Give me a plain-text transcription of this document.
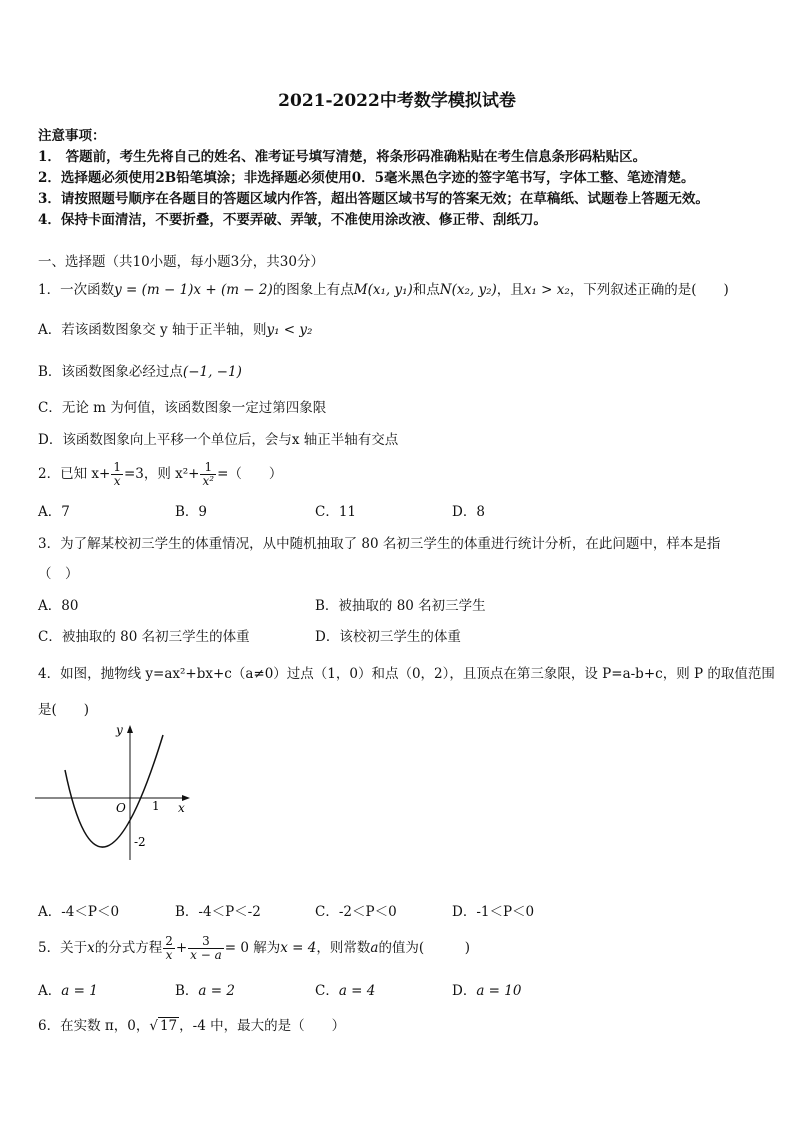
2021-2022中考数学模拟试卷
注意事项：
1． 答题前，考生先将自己的姓名、准考证号填写清楚，将条形码准确粘贴在考生信息条形码粘贴区。
2．选择题必须使用2B铅笔填涂；非选择题必须使用0．5毫米黑色字迹的签字笔书写，字体工整、笔迹清楚。
3．请按照题号顺序在各题目的答题区域内作答，超出答题区域书写的答案无效；在草稿纸、试题卷上答题无效。
4．保持卡面清洁，不要折叠，不要弄破、弄皱，不准使用涂改液、修正带、刮纸刀。
一、选择题（共10小题，每小题3分，共30分）
1．一次函数y = (m − 1)x + (m − 2)的图象上有点M(x₁, y₁)和点N(x₂, y₂)，且x₁ > x₂，下列叙述正确的是(　　)
A．若该函数图象交 y 轴于正半轴，则y₁ < y₂
B．该函数图象必经过点(−1, −1)
C．无论 m 为何值，该函数图象一定过第四象限
D．该函数图象向上平移一个单位后，会与x 轴正半轴有交点
2．已知 $x+ \frac{1}{x} =3$，则 $x^2+ \frac{1}{\text{x²}}$ =（　　）
A．7	B．9	C．11	D．8
3．为了解某校初三学生的体重情况，从中随机抽取了 80 名初三学生的体重进行统计分析，在此问题中，样本是指
（　）
A．80	B．被抽取的 80 名初三学生
C．被抽取的 80 名初三学生的体重	D．该校初三学生的体重
4．如图，抛物线 y=ax²+bx+c（a≠0）过点（1，0）和点（0，2），且顶点在第三象限，设 P=a-b+c，则 P 的取值范围
是(　　)
y
x
O 1
-2
A．-4＜P＜0	B．-4＜P＜-2	C．-2＜P＜0	D．-1＜P＜0
5．关于x的分式方程 $\frac{2}{x} + \frac{3}{x - a} = 0$ 解为x = 4，则常数a的值为(　　　)
A．a = 1	B．a = 2	C．a = 4	D．a = 10
6．在实数 π，0，√ 17 ，-4 中，最大的是（　　）
